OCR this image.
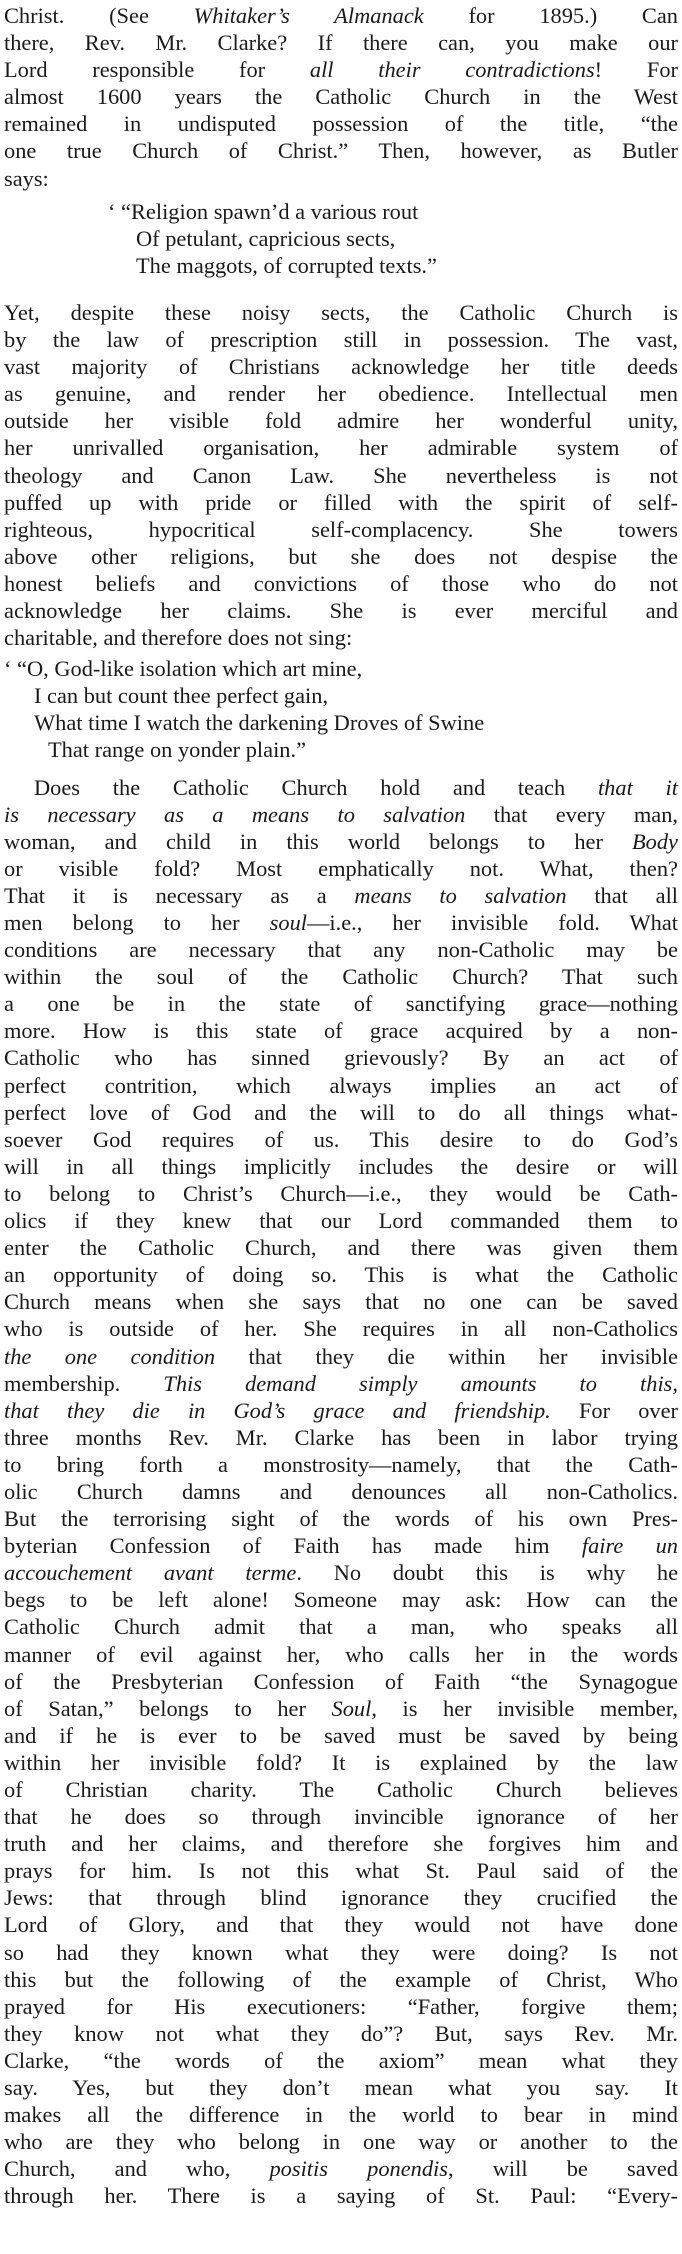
Christ. (See Whitaker’s Almanack for 1895.) Can
there, Rev. Mr. Clarke? If there can, you make our
Lord responsible for all their contradictions! For
almost 1600 years the Catholic Church in the West
remained in undisputed possession of the title, “the
one true Church of Christ.” Then, however, as Butler
says:
‘ “Religion spawn’d a various rout
Of petulant, capricious sects,
The maggots, of corrupted texts.”
Yet, despite these noisy sects, the Catholic Church is
by the law of prescription still in possession. The vast,
vast majority of Christians acknowledge her title deeds
as genuine, and render her obedience. Intellectual men
outside her visible fold admire her wonderful unity,
her unrivalled organisation, her admirable system of
theology and Canon Law. She nevertheless is not
puffed up with pride or filled with the spirit of self-
righteous, hypocritical self-complacency. She towers
above other religions, but she does not despise the
honest beliefs and convictions of those who do not
acknowledge her claims. She is ever merciful and
charitable, and therefore does not sing:
‘ “O, God-like isolation which art mine,
I can but count thee perfect gain,
What time I watch the darkening Droves of Swine
That range on yonder plain.”
Does the Catholic Church hold and teach that it
is necessary as a means to salvation that every man,
woman, and child in this world belongs to her Body
or visible fold? Most emphatically not. What, then?
That it is necessary as a means to salvation that all
men belong to her soul—i.e., her invisible fold. What
conditions are necessary that any non-Catholic may be
within the soul of the Catholic Church? That such
a one be in the state of sanctifying grace—nothing
more. How is this state of grace acquired by a non-
Catholic who has sinned grievously? By an act of
perfect contrition, which always implies an act of
perfect love of God and the will to do all things what-
soever God requires of us. This desire to do God’s
will in all things implicitly includes the desire or will
to belong to Christ’s Church—i.e., they would be Cath-
olics if they knew that our Lord commanded them to
enter the Catholic Church, and there was given them
an opportunity of doing so. This is what the Catholic
Church means when she says that no one can be saved
who is outside of her. She requires in all non-Catholics
the one condition that they die within her invisible
membership. This demand simply amounts to this,
that they die in God’s grace and friendship. For over
three months Rev. Mr. Clarke has been in labor trying
to bring forth a monstrosity—namely, that the Cath-
olic Church damns and denounces all non-Catholics.
But the terrorising sight of the words of his own Pres-
byterian Confession of Faith has made him faire un
accouchement avant terme. No doubt this is why he
begs to be left alone! Someone may ask: How can the
Catholic Church admit that a man, who speaks all
manner of evil against her, who calls her in the words
of the Presbyterian Confession of Faith “the Synagogue
of Satan,” belongs to her Soul, is her invisible member,
and if he is ever to be saved must be saved by being
within her invisible fold? It is explained by the law
of Christian charity. The Catholic Church believes
that he does so through invincible ignorance of her
truth and her claims, and therefore she forgives him and
prays for him. Is not this what St. Paul said of the
Jews: that through blind ignorance they crucified the
Lord of Glory, and that they would not have done
so had they known what they were doing? Is not
this but the following of the example of Christ, Who
prayed for His executioners: “Father, forgive them;
they know not what they do”? But, says Rev. Mr.
Clarke, “the words of the axiom” mean what they
say. Yes, but they don’t mean what you say. It
makes all the difference in the world to bear in mind
who are they who belong in one way or another to the
Church, and who, positis ponendis, will be saved
through her. There is a saying of St. Paul: “Every-
